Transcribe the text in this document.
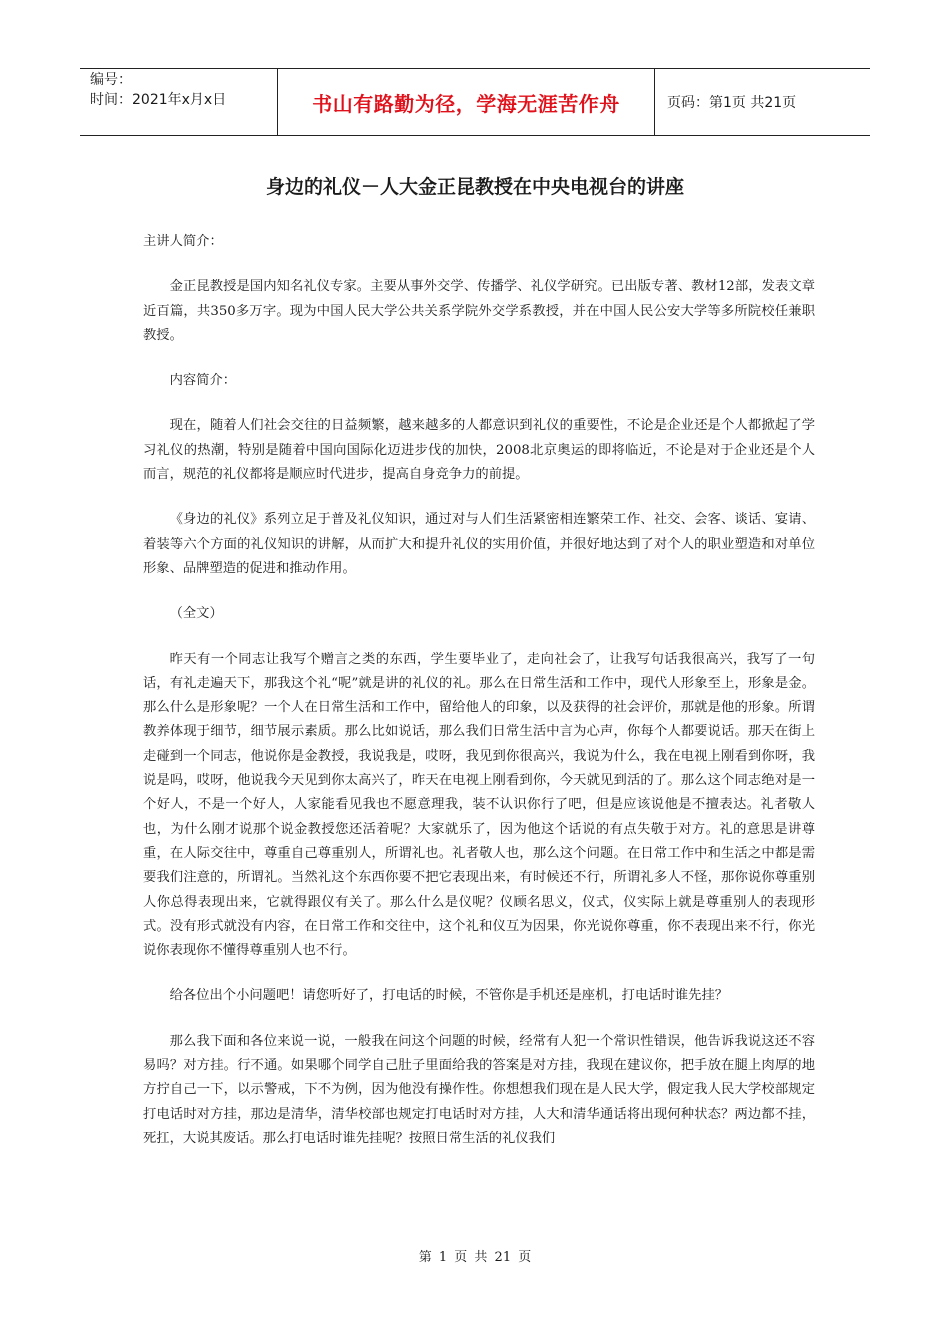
编号：
时间：2021年x月x日	书山有路勤为径，学海无涯苦作舟	页码：第1页 共21页
身边的礼仪－人大金正昆教授在中央电视台的讲座

主讲人简介：

金正昆教授是国内知名礼仪专家。主要从事外交学、传播学、礼仪学研究。已出版专著、教材12部，发表文章近百篇，共350多万字。现为中国人民大学公共关系学院外交学系教授，并在中国人民公安大学等多所院校任兼职教授。

内容简介：

现在，随着人们社会交往的日益频繁，越来越多的人都意识到礼仪的重要性，不论是企业还是个人都掀起了学习礼仪的热潮，特别是随着中国向国际化迈进步伐的加快，2008北京奥运的即将临近，不论是对于企业还是个人而言，规范的礼仪都将是顺应时代进步，提高自身竞争力的前提。

《身边的礼仪》系列立足于普及礼仪知识，通过对与人们生活紧密相连繁荣工作、社交、会客、谈话、宴请、着装等六个方面的礼仪知识的讲解，从而扩大和提升礼仪的实用价值，并很好地达到了对个人的职业塑造和对单位形象、品牌塑造的促进和推动作用。

（全文）

昨天有一个同志让我写个赠言之类的东西，学生要毕业了，走向社会了，让我写句话我很高兴，我写了一句话，有礼走遍天下，那我这个礼“呢”就是讲的礼仪的礼。那么在日常生活和工作中，现代人形象至上，形象是金。那么什么是形象呢？一个人在日常生活和工作中，留给他人的印象，以及获得的社会评价，那就是他的形象。所谓教养体现于细节，细节展示素质。那么比如说话，那么我们日常生活中言为心声，你每个人都要说话。那天在街上走碰到一个同志，他说你是金教授，我说我是，哎呀，我见到你很高兴，我说为什么，我在电视上刚看到你呀，我说是吗，哎呀，他说我今天见到你太高兴了，昨天在电视上刚看到你，今天就见到活的了。那么这个同志绝对是一个好人，不是一个好人，人家能看见我也不愿意理我，装不认识你行了吧，但是应该说他是不擅表达。礼者敬人也，为什么刚才说那个说金教授您还活着呢？大家就乐了，因为他这个话说的有点失敬于对方。礼的意思是讲尊重，在人际交往中，尊重自己尊重别人，所谓礼也。礼者敬人也，那么这个问题。在日常工作中和生活之中都是需要我们注意的，所谓礼。当然礼这个东西你要不把它表现出来，有时候还不行，所谓礼多人不怪，那你说你尊重别人你总得表现出来，它就得跟仪有关了。那么什么是仪呢？仪顾名思义，仪式，仪实际上就是尊重别人的表现形式。没有形式就没有内容，在日常工作和交往中，这个礼和仪互为因果，你光说你尊重，你不表现出来不行，你光说你表现你不懂得尊重别人也不行。

给各位出个小问题吧！请您听好了，打电话的时候，不管你是手机还是座机，打电话时谁先挂？

那么我下面和各位来说一说，一般我在问这个问题的时候，经常有人犯一个常识性错误，他告诉我说这还不容易吗？对方挂。行不通。如果哪个同学自己肚子里面给我的答案是对方挂，我现在建议你，把手放在腿上肉厚的地方拧自己一下，以示警戒，下不为例，因为他没有操作性。你想想我们现在是人民大学，假定我人民大学校部规定打电话时对方挂，那边是清华，清华校部也规定打电话时对方挂，人大和清华通话将出现何种状态？两边都不挂，死扛，大说其废话。那么打电话时谁先挂呢？按照日常生活的礼仪我们

第 1 页 共 21 页
